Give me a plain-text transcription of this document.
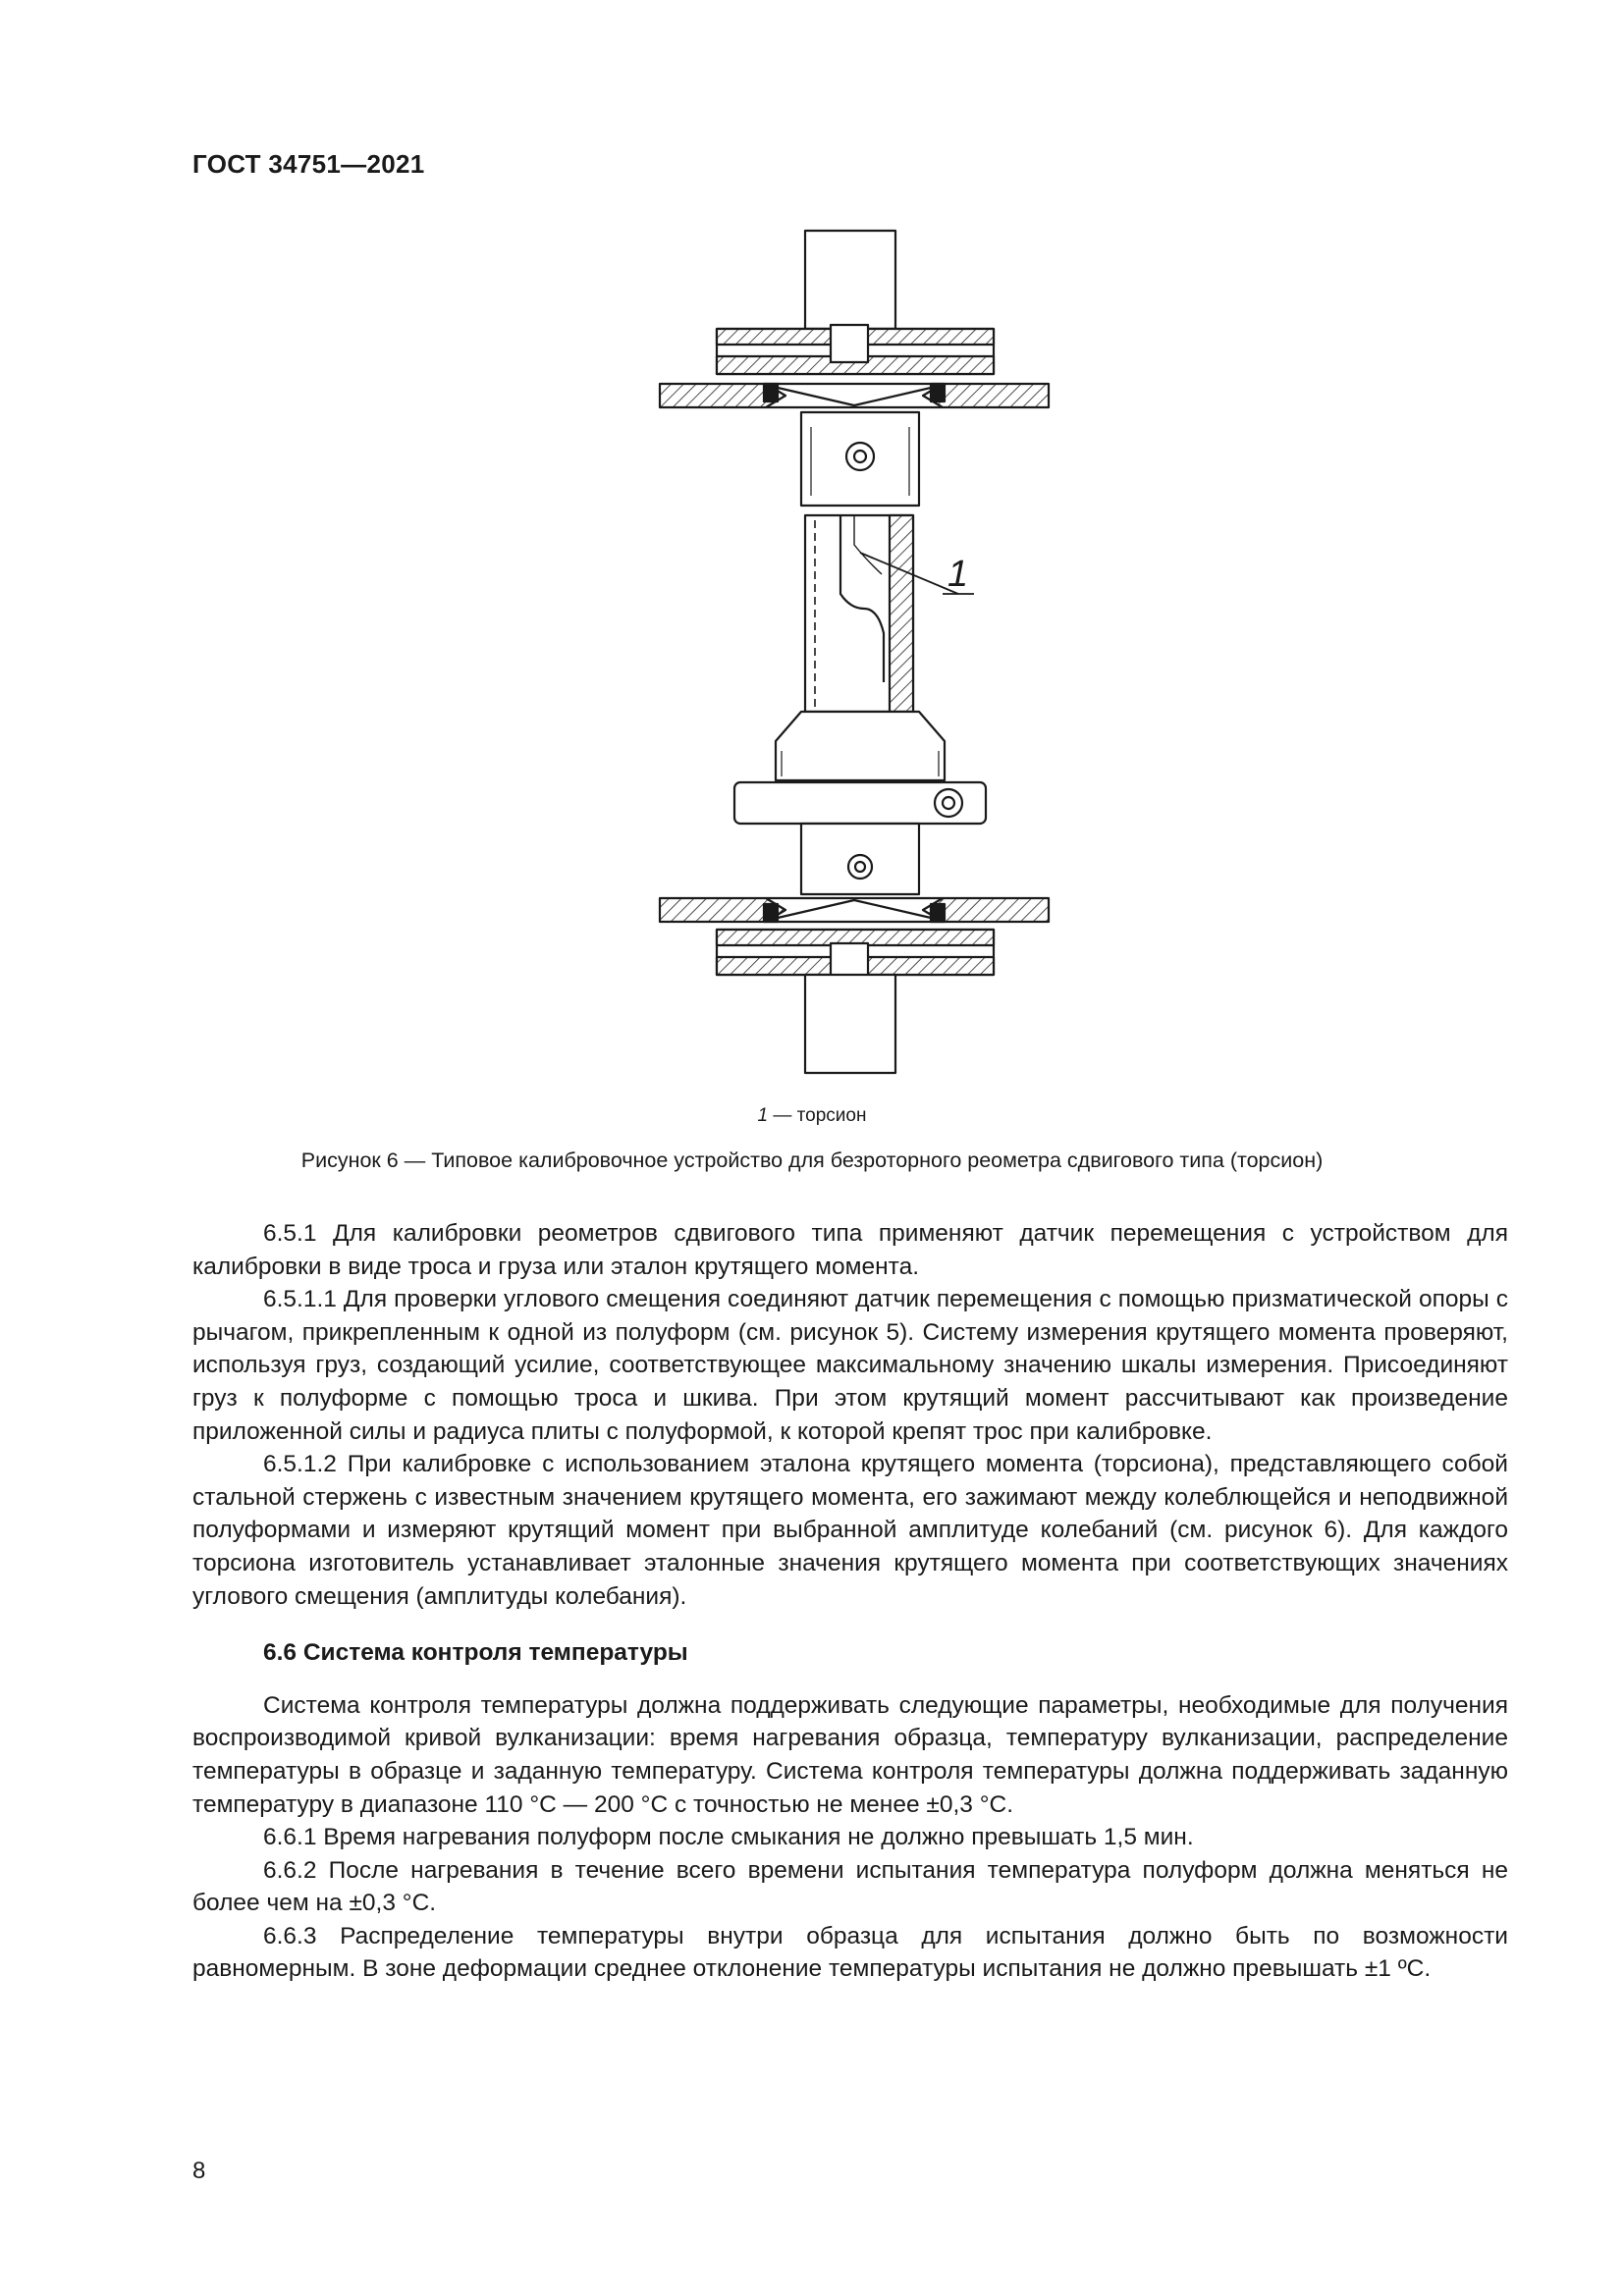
ГОСТ 34751—2021
1
1 — торсион
Рисунок 6 — Типовое калибровочное устройство для безроторного реометра сдвигового типа (торсион)

6.5.1 Для калибровки реометров сдвигового типа применяют датчик перемещения с устройством для калибровки в виде троса и груза или эталон крутящего момента.

6.5.1.1 Для проверки углового смещения соединяют датчик перемещения с помощью призматической опоры с рычагом, прикрепленным к одной из полуформ (см. рисунок 5). Систему измерения крутящего момента проверяют, используя груз, создающий усилие, соответствующее максимальному значению шкалы измерения. Присоединяют груз к полуформе с помощью троса и шкива. При этом крутящий момент рассчитывают как произведение приложенной силы и радиуса плиты с полуформой, к которой крепят трос при калибровке.

6.5.1.2 При калибровке с использованием эталона крутящего момента (торсиона), представляющего собой стальной стержень с известным значением крутящего момента, его зажимают между колеблющейся и неподвижной полуформами и измеряют крутящий момент при выбранной амплитуде колебаний (см. рисунок 6). Для каждого торсиона изготовитель устанавливает эталонные значения крутящего момента при соответствующих значениях углового смещения (амплитуды колебания).

6.6 Система контроля температуры

Система контроля температуры должна поддерживать следующие параметры, необходимые для получения воспроизводимой кривой вулканизации: время нагревания образца, температуру вулканизации, распределение температуры в образце и заданную температуру. Система контроля температуры должна поддерживать заданную температуру в диапазоне 110 °C — 200 °C с точностью не менее ±0,3 °C.

6.6.1 Время нагревания полуформ после смыкания не должно превышать 1,5 мин.

6.6.2 После нагревания в течение всего времени испытания температура полуформ должна меняться не более чем на ±0,3 °C.

6.6.3 Распределение температуры внутри образца для испытания должно быть по возможности равномерным. В зоне деформации среднее отклонение температуры испытания не должно превышать ±1 ºC.

8
